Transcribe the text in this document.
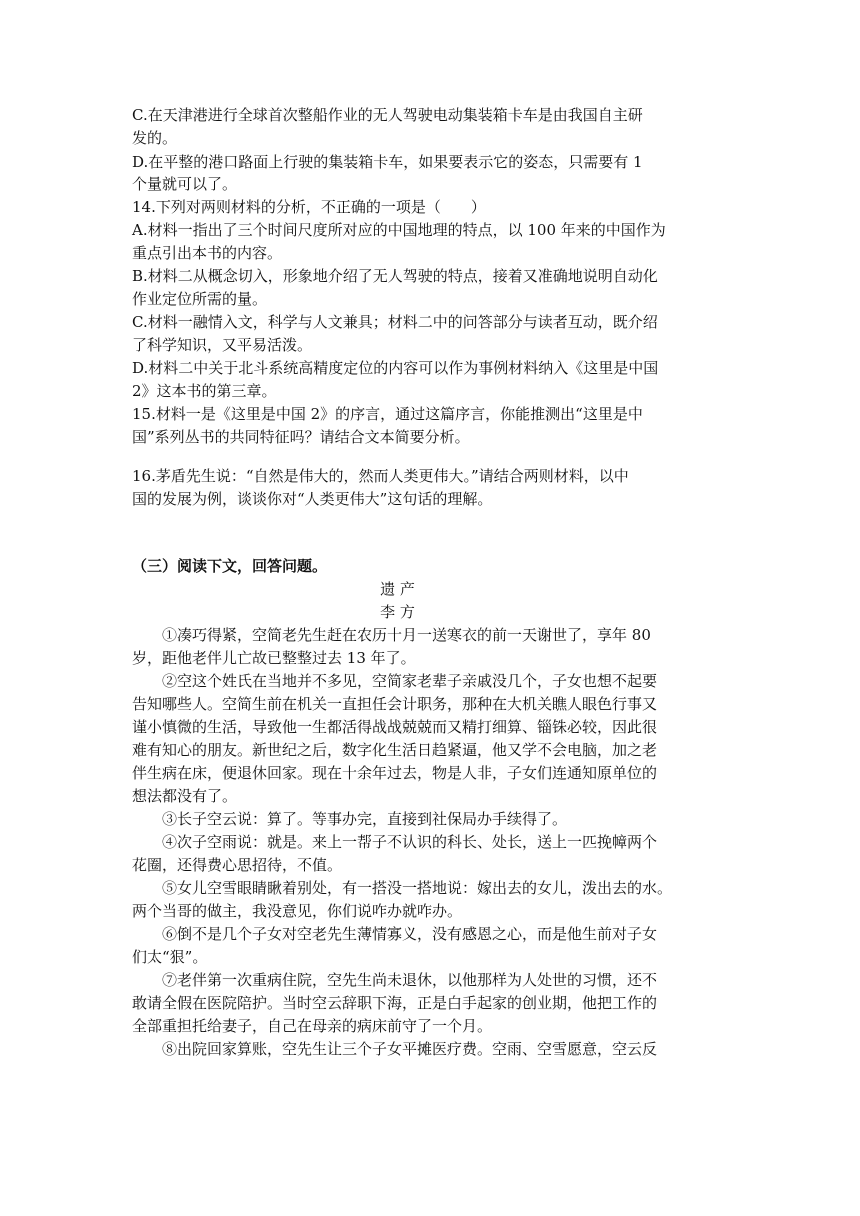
C.在天津港进行全球首次整船作业的无人驾驶电动集装箱卡车是由我国自主研
发的。
D.在平整的港口路面上行驶的集装箱卡车，如果要表示它的姿态，只需要有 1
个量就可以了。
14.下列对两则材料的分析，不正确的一项是（　　）
A.材料一指出了三个时间尺度所对应的中国地理的特点，以 100 年来的中国作为
重点引出本书的内容。
B.材料二从概念切入，形象地介绍了无人驾驶的特点，接着又准确地说明自动化
作业定位所需的量。
C.材料一融情入文，科学与人文兼具；材料二中的问答部分与读者互动，既介绍
了科学知识，又平易活泼。
D.材料二中关于北斗系统高精度定位的内容可以作为事例材料纳入《这里是中国
2》这本书的第三章。
15.材料一是《这里是中国 2》的序言，通过这篇序言，你能推测出“这里是中
国”系列丛书的共同特征吗？请结合文本简要分析。
16.茅盾先生说：“自然是伟大的，然而人类更伟大。”请结合两则材料，以中
国的发展为例，谈谈你对“人类更伟大”这句话的理解。
（三）阅读下文，回答问题。
遗 产
李 方
①凑巧得紧，空简老先生赶在农历十月一送寒衣的前一天谢世了，享年 80
岁，距他老伴儿亡故已整整过去 13 年了。
②空这个姓氏在当地并不多见，空简家老辈子亲戚没几个，子女也想不起要
告知哪些人。空简生前在机关一直担任会计职务，那种在大机关瞧人眼色行事又
谨小慎微的生活，导致他一生都活得战战兢兢而又精打细算、锱铢必较，因此很
难有知心的朋友。新世纪之后，数字化生活日趋紧逼，他又学不会电脑，加之老
伴生病在床，便退休回家。现在十余年过去，物是人非，子女们连通知原单位的
想法都没有了。
③长子空云说：算了。等事办完，直接到社保局办手续得了。
④次子空雨说：就是。来上一帮子不认识的科长、处长，送上一匹挽幛两个
花圈，还得费心思招待，不值。
⑤女儿空雪眼睛瞅着别处，有一搭没一搭地说：嫁出去的女儿，泼出去的水。
两个当哥的做主，我没意见，你们说咋办就咋办。
⑥倒不是几个子女对空老先生薄情寡义，没有感恩之心，而是他生前对子女
们太“狠”。
⑦老伴第一次重病住院，空先生尚未退休，以他那样为人处世的习惯，还不
敢请全假在医院陪护。当时空云辞职下海，正是白手起家的创业期，他把工作的
全部重担托给妻子，自己在母亲的病床前守了一个月。
⑧出院回家算账，空先生让三个子女平摊医疗费。空雨、空雪愿意，空云反
